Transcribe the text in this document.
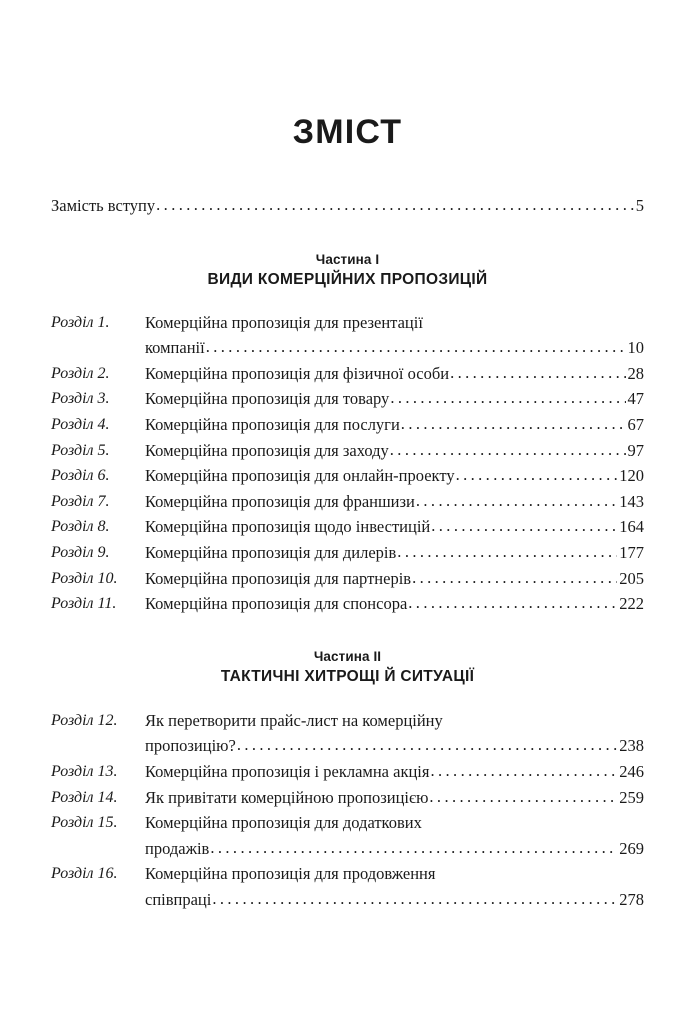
ЗМІСТ
Замість вступу .....	5
Частина I
ВИДИ КОМЕРЦІЙНИХ ПРОПОЗИЦІЙ
Розділ 1.	Комерційна пропозиція для презентації
компанії .....	10
Розділ 2.	Комерційна пропозиція для фізичної особи .....	28
Розділ 3.	Комерційна пропозиція для товару .....	47
Розділ 4.	Комерційна пропозиція для послуги .....	67
Розділ 5.	Комерційна пропозиція для заходу .....	97
Розділ 6.	Комерційна пропозиція для онлайн-проекту .....	120
Розділ 7.	Комерційна пропозиція для франшизи .....	143
Розділ 8.	Комерційна пропозиція щодо інвестицій .....	164
Розділ 9.	Комерційна пропозиція для дилерів .....	177
Розділ 10.	Комерційна пропозиція для партнерів .....	205
Розділ 11.	Комерційна пропозиція для спонсора .....	222
Частина II
ТАКТИЧНІ ХИТРОЩІ Й СИТУАЦІЇ
Розділ 12.	Як перетворити прайс-лист на комерційну
пропозицію? .....	238
Розділ 13.	Комерційна пропозиція і рекламна акція .....	246
Розділ 14.	Як привітати комерційною пропозицією .....	259
Розділ 15.	Комерційна пропозиція для додаткових
продажів .....	269
Розділ 16.	Комерційна пропозиція для продовження
співпраці .....	278
